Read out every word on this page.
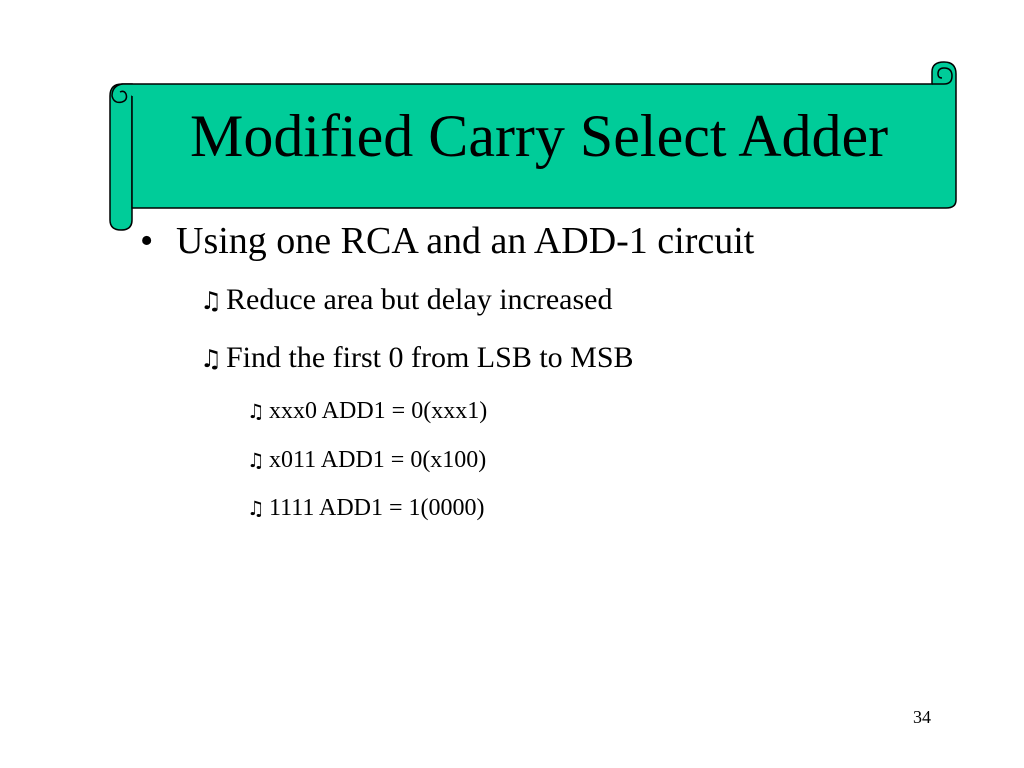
Modified Carry Select Adder
• Using one RCA and an ADD-1 circuit
♫ Reduce area but delay increased
♫ Find the first 0 from LSB to MSB
♫ xxx0 ADD1 = 0(xxx1)
♫ x011 ADD1 = 0(x100)
♫ 1111 ADD1 = 1(0000)
34
